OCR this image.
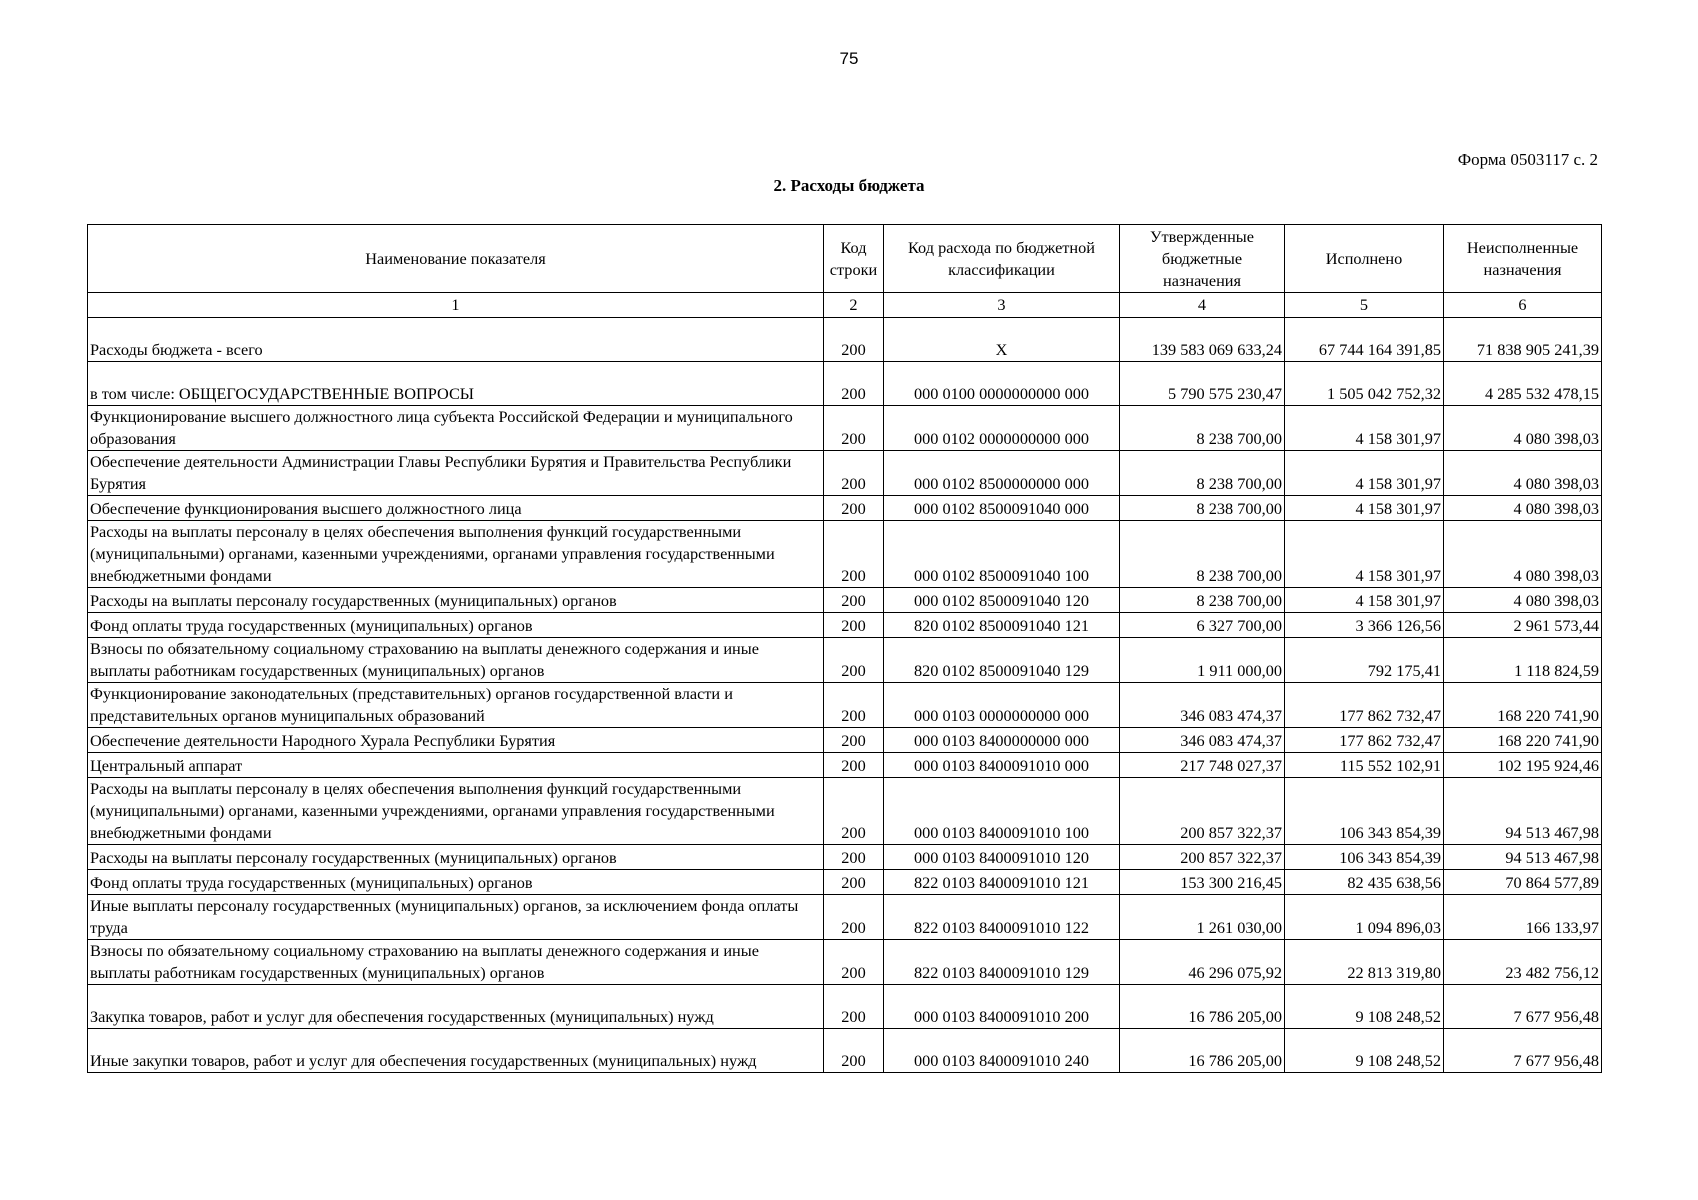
75
Форма 0503117 с. 2
2. Расходы бюджета
Наименование показателя	Код строки	Код расхода по бюджетной классификации	Утвержденные бюджетные назначения	Исполнено	Неисполненные назначения
1	2	3	4	5	6
Расходы бюджета - всего	200	X	139 583 069 633,24	67 744 164 391,85	71 838 905 241,39
в том числе: ОБЩЕГОСУДАРСТВЕННЫЕ ВОПРОСЫ	200	000 0100 0000000000 000	5 790 575 230,47	1 505 042 752,32	4 285 532 478,15
Функционирование высшего должностного лица субъекта Российской Федерации и муниципального образования	200	000 0102 0000000000 000	8 238 700,00	4 158 301,97	4 080 398,03
Обеспечение деятельности Администрации Главы Республики Бурятия и Правительства Республики Бурятия	200	000 0102 8500000000 000	8 238 700,00	4 158 301,97	4 080 398,03
Обеспечение функционирования высшего должностного лица	200	000 0102 8500091040 000	8 238 700,00	4 158 301,97	4 080 398,03
Расходы на выплаты персоналу в целях обеспечения выполнения функций государственными (муниципальными) органами, казенными учреждениями, органами управления государственными внебюджетными фондами	200	000 0102 8500091040 100	8 238 700,00	4 158 301,97	4 080 398,03
Расходы на выплаты персоналу государственных (муниципальных) органов	200	000 0102 8500091040 120	8 238 700,00	4 158 301,97	4 080 398,03
Фонд оплаты труда государственных (муниципальных) органов	200	820 0102 8500091040 121	6 327 700,00	3 366 126,56	2 961 573,44
Взносы по обязательному социальному страхованию на выплаты денежного содержания и иные выплаты работникам государственных (муниципальных) органов	200	820 0102 8500091040 129	1 911 000,00	792 175,41	1 118 824,59
Функционирование законодательных (представительных) органов государственной власти и представительных органов муниципальных образований	200	000 0103 0000000000 000	346 083 474,37	177 862 732,47	168 220 741,90
Обеспечение деятельности Народного Хурала Республики Бурятия	200	000 0103 8400000000 000	346 083 474,37	177 862 732,47	168 220 741,90
Центральный аппарат	200	000 0103 8400091010 000	217 748 027,37	115 552 102,91	102 195 924,46
Расходы на выплаты персоналу в целях обеспечения выполнения функций государственными (муниципальными) органами, казенными учреждениями, органами управления государственными внебюджетными фондами	200	000 0103 8400091010 100	200 857 322,37	106 343 854,39	94 513 467,98
Расходы на выплаты персоналу государственных (муниципальных) органов	200	000 0103 8400091010 120	200 857 322,37	106 343 854,39	94 513 467,98
Фонд оплаты труда государственных (муниципальных) органов	200	822 0103 8400091010 121	153 300 216,45	82 435 638,56	70 864 577,89
Иные выплаты персоналу государственных (муниципальных) органов, за исключением фонда оплаты труда	200	822 0103 8400091010 122	1 261 030,00	1 094 896,03	166 133,97
Взносы по обязательному социальному страхованию на выплаты денежного содержания и иные выплаты работникам государственных (муниципальных) органов	200	822 0103 8400091010 129	46 296 075,92	22 813 319,80	23 482 756,12
Закупка товаров, работ и услуг для обеспечения государственных (муниципальных) нужд	200	000 0103 8400091010 200	16 786 205,00	9 108 248,52	7 677 956,48
Иные закупки товаров, работ и услуг для обеспечения государственных (муниципальных) нужд	200	000 0103 8400091010 240	16 786 205,00	9 108 248,52	7 677 956,48
